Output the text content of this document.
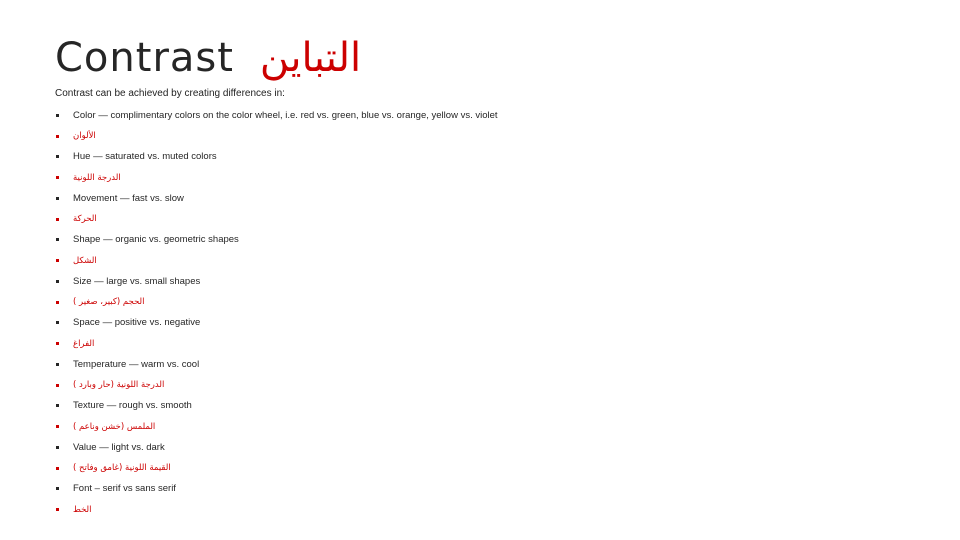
Contrast التباين
Contrast can be achieved by creating differences in:
Color — complimentary colors on the color wheel, i.e. red vs. green, blue vs. orange, yellow vs. violet
الألوان
Hue — saturated vs. muted colors
الدرجة اللونية
Movement — fast vs. slow
الحركة
Shape — organic vs. geometric shapes
الشكل
Size — large vs. small shapes
الحجم (كبير، صغير )
Space — positive vs. negative
الفراغ
Temperature — warm vs. cool
الدرجة اللونية (حار وبارد )
Texture — rough vs. smooth
الملمس (خشن وناعم )
Value — light vs. dark
القيمة اللونية (غامق وفاتح )
Font – serif vs sans serif
الخط
